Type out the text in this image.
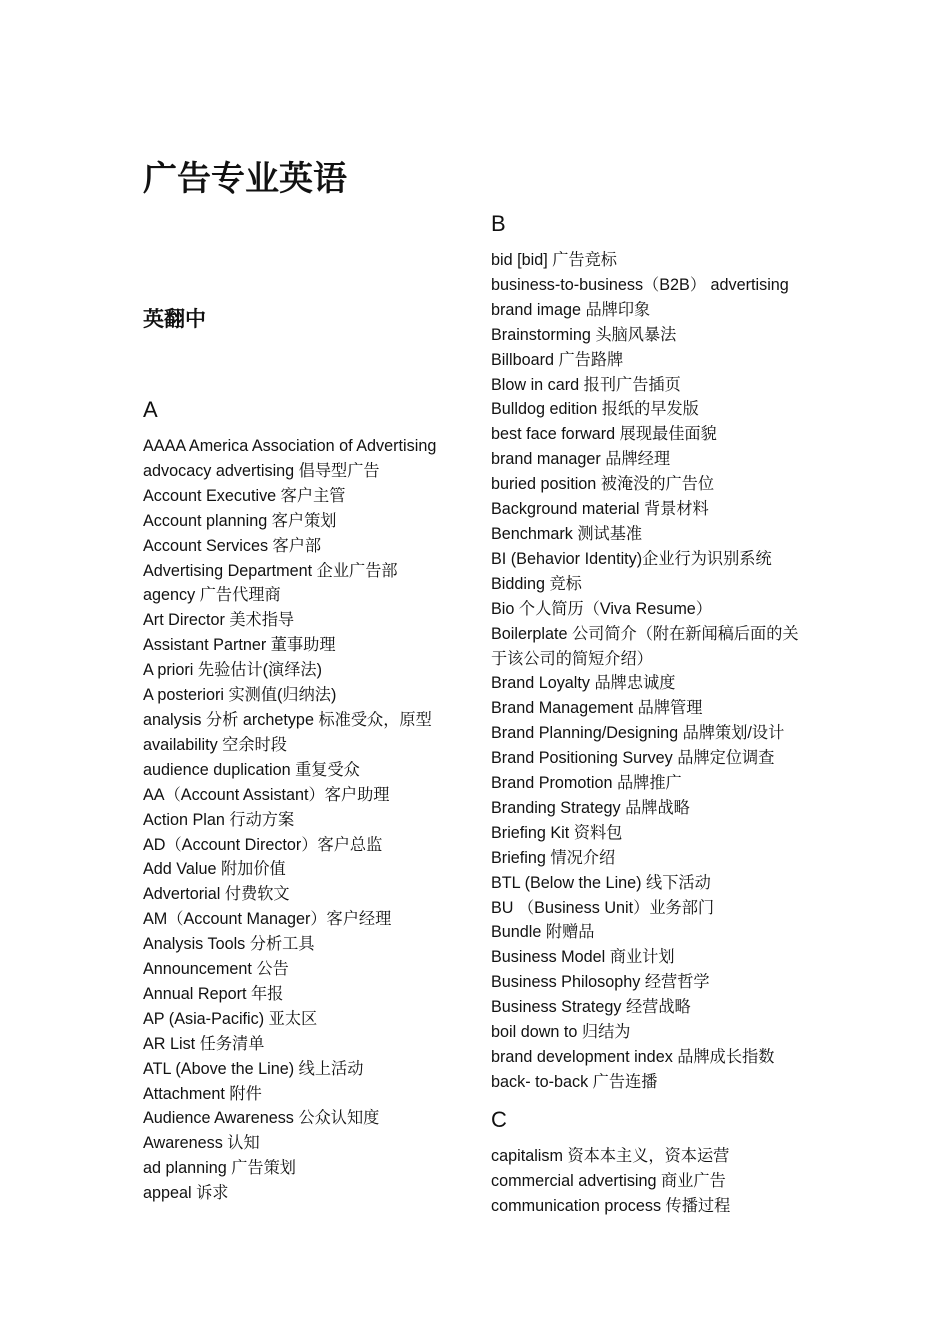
广告专业英语
英翻中
A
AAAA America Association of Advertising
advocacy advertising 倡导型广告
Account Executive 客户主管
Account planning 客户策划
Account Services 客户部
Advertising Department 企业广告部
agency 广告代理商
Art Director 美术指导
Assistant Partner 董事助理
A priori 先验估计(演绎法)
A posteriori 实测值(归纳法)
analysis 分析 archetype 标准受众，原型
availability 空余时段
audience duplication 重复受众
AA（Account Assistant）客户助理
Action Plan 行动方案
AD（Account Director）客户总监
Add Value 附加价值
Advertorial 付费软文
AM（Account Manager）客户经理
Analysis Tools 分析工具
Announcement 公告
Annual Report 年报
AP (Asia-Pacific) 亚太区
AR List 任务清单
ATL (Above the Line) 线上活动
Attachment 附件
Audience Awareness 公众认知度
Awareness 认知
ad planning 广告策划
appeal 诉求
B
bid [bid] 广告竞标
business-to-business（B2B） advertising
brand image 品牌印象
Brainstorming 头脑风暴法
Billboard 广告路牌
Blow in card 报刊广告插页
Bulldog edition 报纸的早发版
best face forward 展现最佳面貌
brand manager 品牌经理
buried position 被淹没的广告位
Background material 背景材料
Benchmark 测试基准
BI (Behavior Identity)企业行为识别系统
Bidding 竞标
Bio 个人简历（Viva Resume）
Boilerplate 公司简介（附在新闻稿后面的关
于该公司的简短介绍）
Brand Loyalty 品牌忠诚度
Brand Management 品牌管理
Brand Planning/Designing 品牌策划/设计
Brand Positioning Survey 品牌定位调查
Brand Promotion 品牌推广
Branding Strategy 品牌战略
Briefing Kit 资料包
Briefing 情况介绍
BTL (Below the Line) 线下活动
BU （Business Unit）业务部门
Bundle 附赠品
Business Model 商业计划
Business Philosophy 经营哲学
Business Strategy 经营战略
boil down to 归结为
brand development index 品牌成长指数
back- to-back 广告连播
C
capitalism 资本本主义，资本运营
commercial advertising 商业广告
communication process 传播过程
